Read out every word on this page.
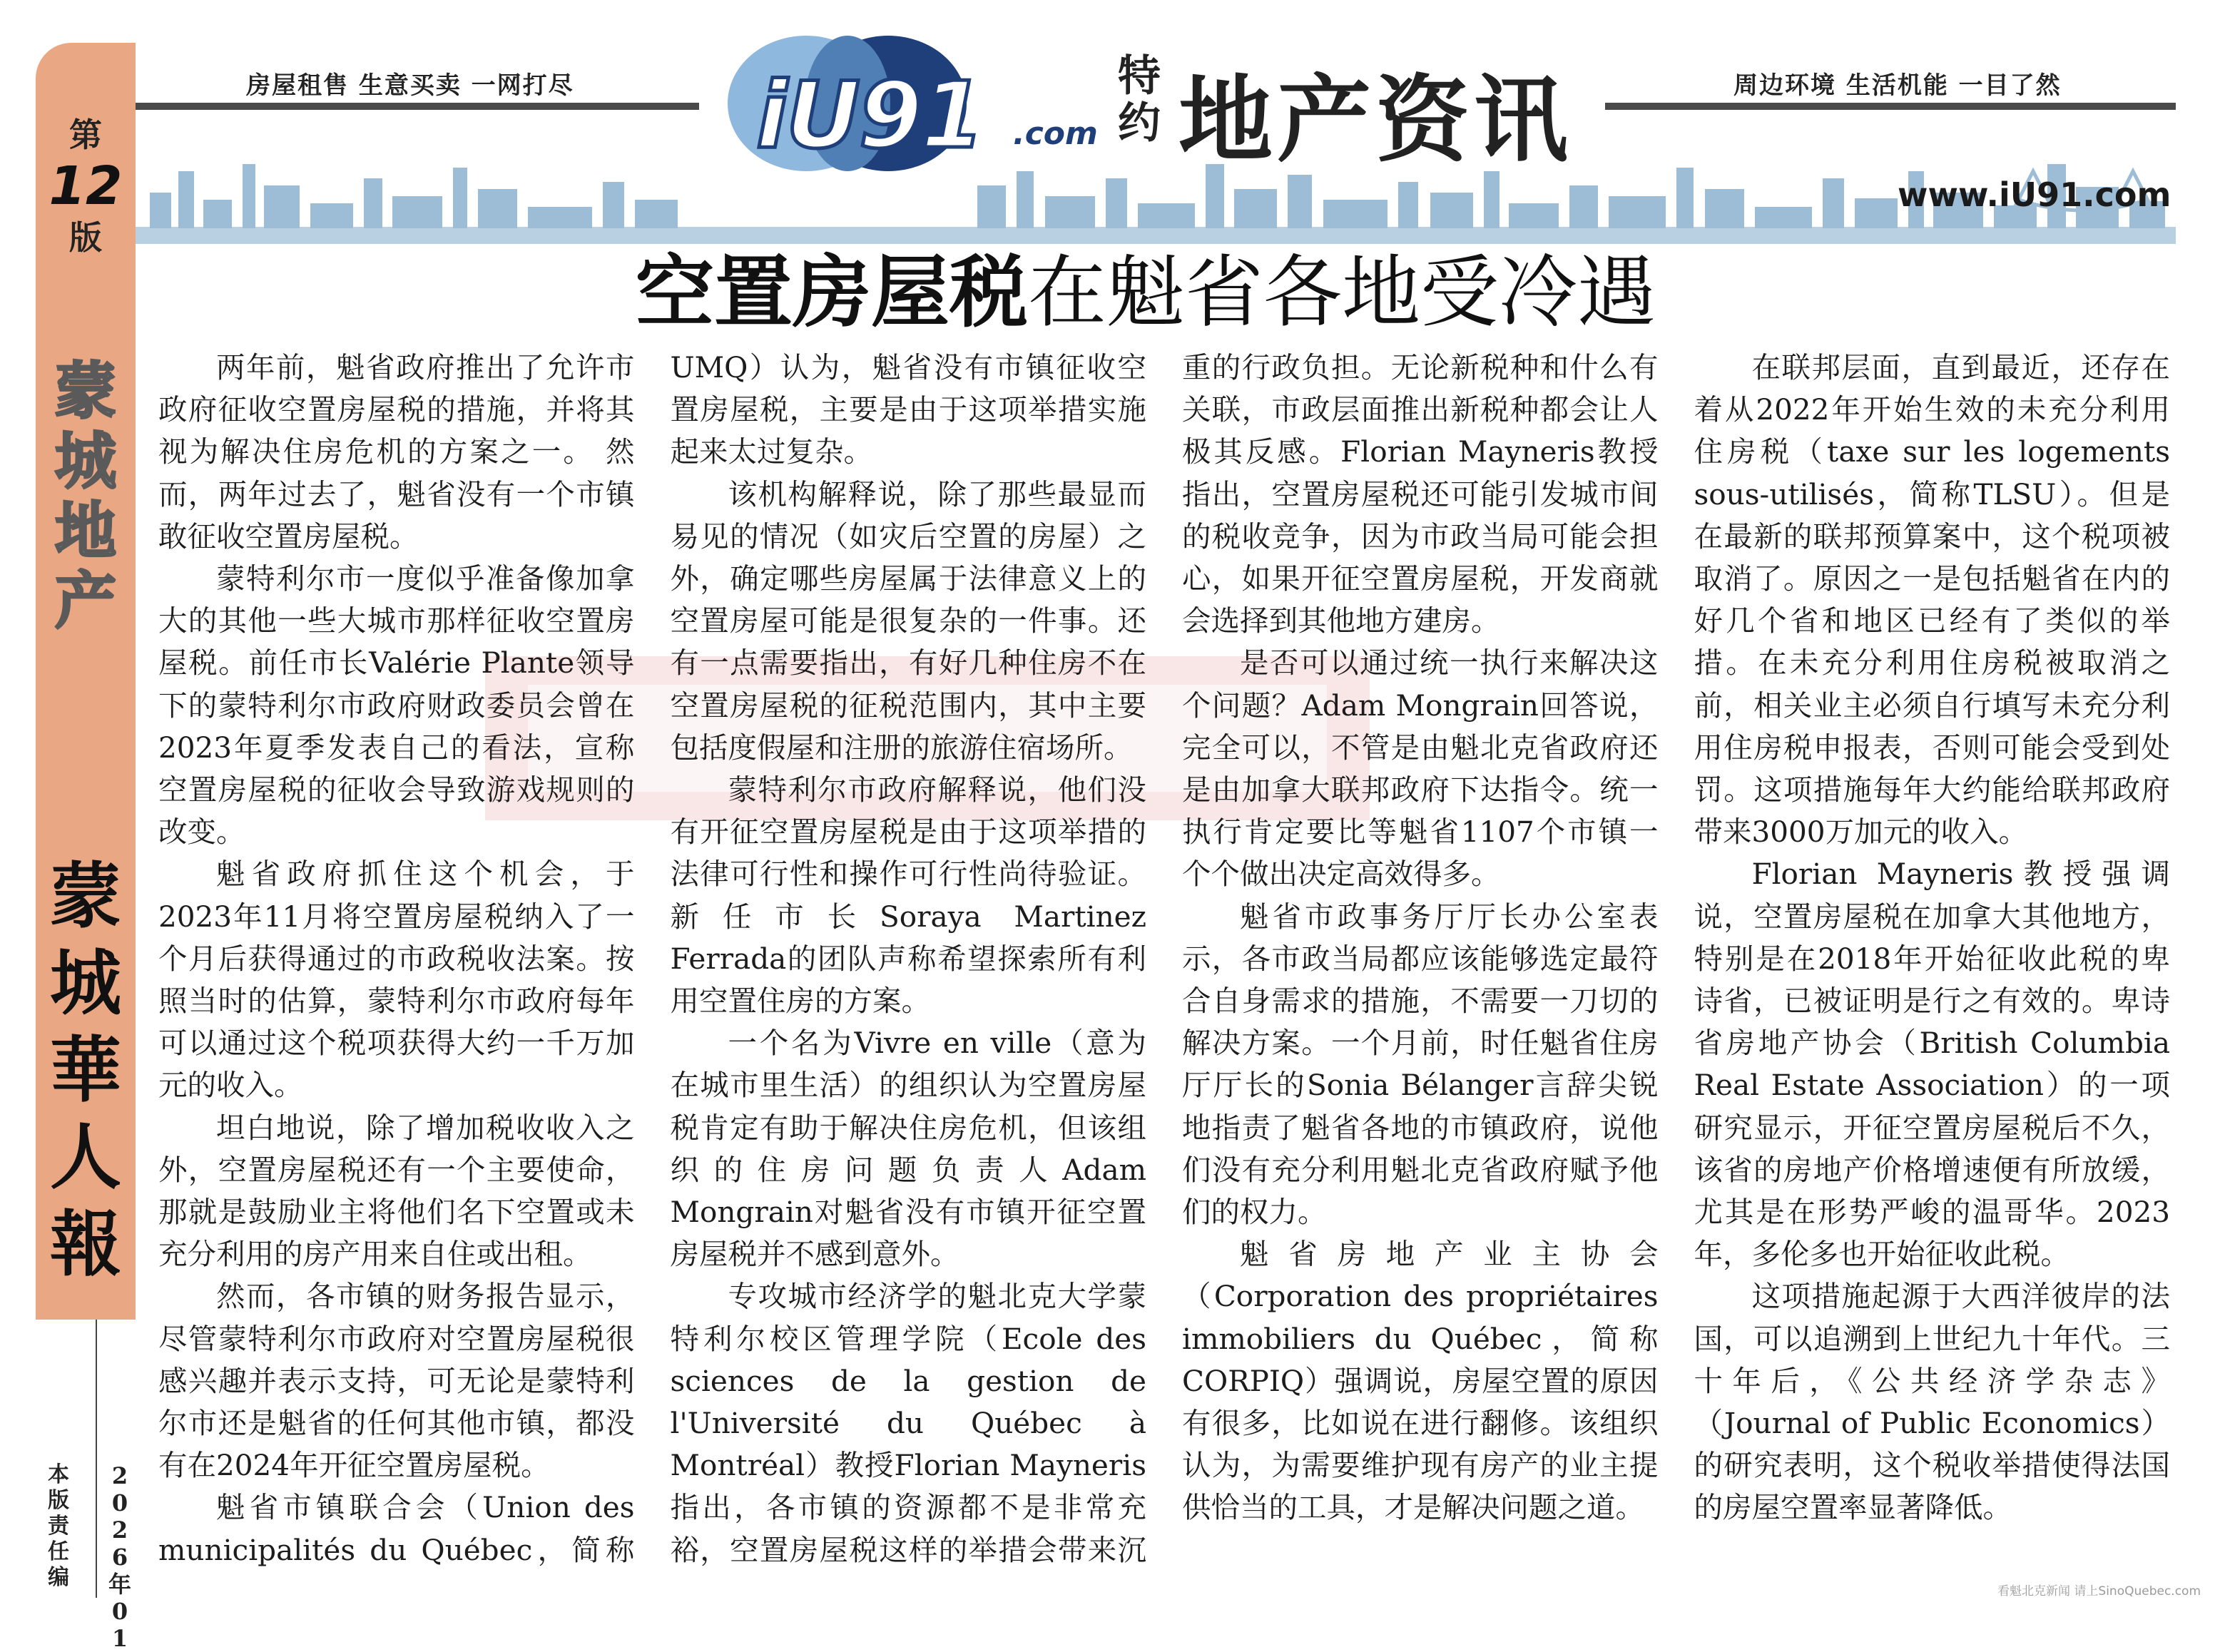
第
12
版
蒙
城
地
产
蒙
城
華
人
報
本
版
责
任
编
2
0
2
6
年
0
1
房屋租售 生意买卖 一网打尽	周边环境 生活机能 一目了然
iU91 .com
特
约 地产资讯
www.iU91.com
空置房屋税在魁省各地受冷遇

两年前，魁省政府推出了允许市政府征收空置房屋税的措施，并将其视为解决住房危机的方案之一。 然而，两年过去了，魁省没有一个市镇敢征收空置房屋税。

蒙特利尔市一度似乎准备像加拿大的其他一些大城市那样征收空置房屋税。前任市长Valérie Plante领导下的蒙特利尔市政府财政委员会曾在2023年夏季发表自己的看法，宣称空置房屋税的征收会导致游戏规则的改变。

魁省政府抓住这个机会，于2023年11月将空置房屋税纳入了一个月后获得通过的市政税收法案。按照当时的估算，蒙特利尔市政府每年可以通过这个税项获得大约一千万加元的收入。

坦白地说，除了增加税收收入之外，空置房屋税还有一个主要使命，那就是鼓励业主将他们名下空置或未充分利用的房产用来自住或出租。

然而，各市镇的财务报告显示，尽管蒙特利尔市政府对空置房屋税很感兴趣并表示支持，可无论是蒙特利尔市还是魁省的任何其他市镇，都没有在2024年开征空置房屋税。

魁省市镇联合会（Union des municipalités du Québec，简称UMQ）认为，魁省没有市镇征收空置房屋税，主要是由于这项举措实施起来太过复杂。

该机构解释说，除了那些最显而易见的情况（如灾后空置的房屋）之外，确定哪些房屋属于法律意义上的空置房屋可能是很复杂的一件事。还有一点需要指出，有好几种住房不在空置房屋税的征税范围内，其中主要包括度假屋和注册的旅游住宿场所。

蒙特利尔市政府解释说，他们没有开征空置房屋税是由于这项举措的法律可行性和操作可行性尚待验证。新任市长Soraya Martinez Ferrada的团队声称希望探索所有利用空置住房的方案。

一个名为Vivre en ville（意为在城市里生活）的组织认为空置房屋税肯定有助于解决住房危机，但该组织的住房问题负责人Adam Mongrain对魁省没有市镇开征空置房屋税并不感到意外。

专攻城市经济学的魁北克大学蒙特利尔校区管理学院（Ecole des sciences de la gestion de l'Université du Québec à Montréal）教授Florian Mayneris指出，各市镇的资源都不是非常充裕，空置房屋税这样的举措会带来沉重的行政负担。无论新税种和什么有关联，市政层面推出新税种都会让人极其反感。Florian Mayneris教授指出，空置房屋税还可能引发城市间的税收竞争，因为市政当局可能会担心，如果开征空置房屋税，开发商就会选择到其他地方建房。

是否可以通过统一执行来解决这个问题？Adam Mongrain回答说，完全可以，不管是由魁北克省政府还是由加拿大联邦政府下达指令。统一执行肯定要比等魁省1107个市镇一个个做出决定高效得多。

魁省市政事务厅厅长办公室表示，各市政当局都应该能够选定最符合自身需求的措施，不需要一刀切的解决方案。一个月前，时任魁省住房厅厅长的Sonia Bélanger言辞尖锐地指责了魁省各地的市镇政府，说他们没有充分利用魁北克省政府赋予他们的权力。

魁省房地产业主协会（Corporation des propriétaires immobiliers du Québec，简称CORPIQ）强调说，房屋空置的原因有很多，比如说在进行翻修。该组织认为，为需要维护现有房产的业主提供恰当的工具，才是解决问题之道。

在联邦层面，直到最近，还存在着从2022年开始生效的未充分利用住房税（taxe sur les logements sous-utilisés，简称TLSU）。但是在最新的联邦预算案中，这个税项被取消了。原因之一是包括魁省在内的好几个省和地区已经有了类似的举措。在未充分利用住房税被取消之前，相关业主必须自行填写未充分利用住房税申报表，否则可能会受到处罚。这项措施每年大约能给联邦政府带来3000万加元的收入。

Florian Mayneris教授强调说，空置房屋税在加拿大其他地方，特别是在2018年开始征收此税的卑诗省，已被证明是行之有效的。卑诗省房地产协会（British Columbia Real Estate Association）的一项研究显示，开征空置房屋税后不久，该省的房地产价格增速便有所放缓，尤其是在形势严峻的温哥华。2023年，多伦多也开始征收此税。

这项措施起源于大西洋彼岸的法国，可以追溯到上世纪九十年代。三十年后，《公共经济学杂志》（Journal of Public Economics）的研究表明，这个税收举措使得法国的房屋空置率显著降低。

看魁北克新闻 请上SinoQuebec.com
